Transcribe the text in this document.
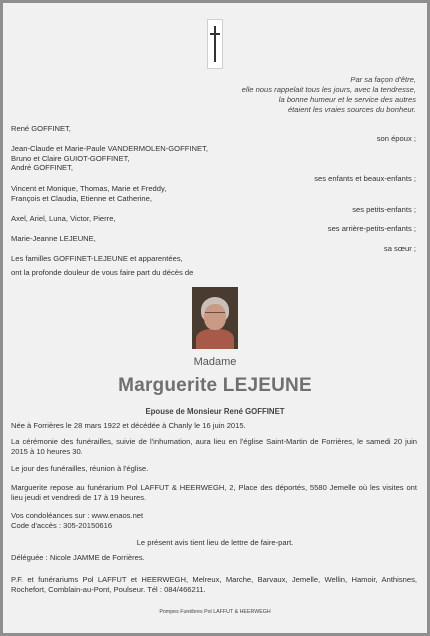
Par sa façon d'être,
elle nous rappelait tous les jours, avec la tendresse,
la bonne humeur et le service des autres
étaient les vraies sources du bonheur.
René GOFFINET,
son époux ;
Jean-Claude et Marie-Paule VANDERMOLEN-GOFFINET,
Bruno et Claire GUIOT-GOFFINET,
André GOFFINET,
ses enfants et beaux-enfants ;
Vincent et Monique, Thomas, Marie et Freddy,
François et Claudia, Etienne et Catherine,
ses petits-enfants ;
Axel, Ariel, Luna, Victor, Pierre,
ses arrière-petits-enfants ;
Marie-Jeanne LEJEUNE,
sa sœur ;
Les familles GOFFINET-LEJEUNE et apparentées,
ont la profonde douleur de vous faire part du décès de
Madame
Marguerite LEJEUNE
Epouse de Monsieur René GOFFINET
Née à Forrières le 28 mars 1922 et décédée à Chanly le 16 juin 2015.
La cérémonie des funérailles, suivie de l'inhumation, aura lieu en l'église Saint-Martin de Forrières, le samedi 20 juin 2015 à 10 heures 30.
Le jour des funérailles, réunion à l'église.
Marguerite repose au funérarium Pol LAFFUT & HEERWEGH, 2, Place des déportés, 5580 Jemelle où les visites ont lieu jeudi et vendredi de 17 à 19 heures.
Vos condoléances sur : www.enaos.net
Code d'accès : 305-20150616
Le présent avis tient lieu de lettre de faire-part.
Déléguée : Nicole JAMME de Forrières.
P.F. et funérariums Pol LAFFUT et HEERWEGH, Melreux, Marche, Barvaux, Jemelle, Wellin, Hamoir, Anthisnes, Rochefort, Comblain-au-Pont, Poulseur. Tél : 084/466211.
Pompes Funèbres Pol LAFFUT & HEERWEGH
